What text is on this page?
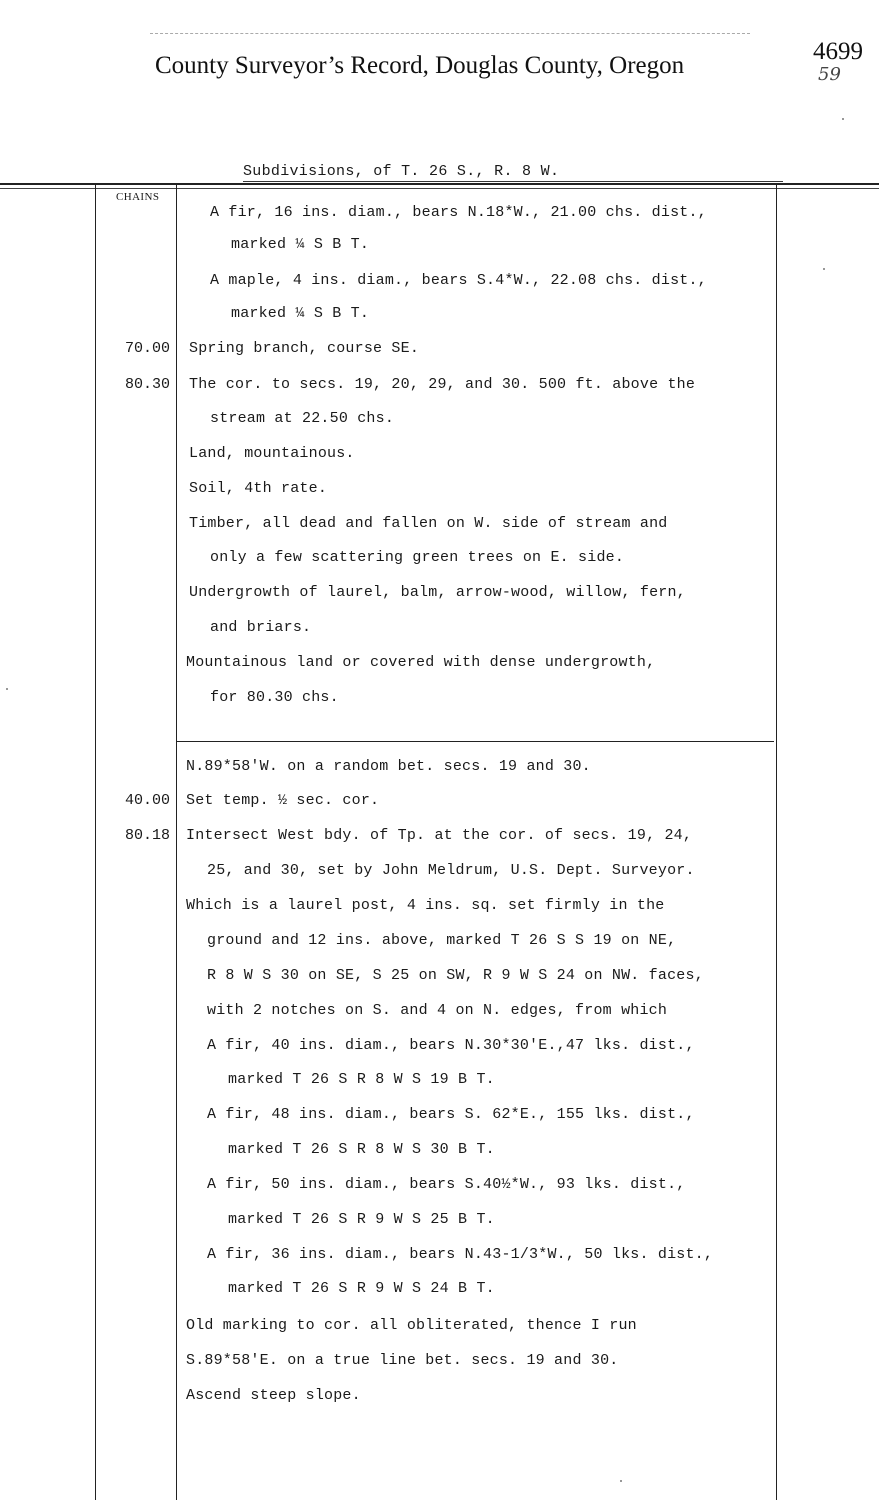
County Surveyor’s Record, Douglas County, Oregon
4699
59
Subdivisions, of T. 26 S., R. 8 W.
CHAINS
70.00
80.30
40.00
80.18
A fir, 16 ins. diam., bears N.18*W., 21.00 chs. dist.,
marked ¼ S B T.
A maple, 4 ins. diam., bears S.4*W., 22.08 chs. dist.,
marked ¼ S B T.
Spring branch, course SE.
The cor. to secs. 19, 20, 29, and 30. 500 ft. above the
stream at 22.50 chs.
Land, mountainous.
Soil, 4th rate.
Timber, all dead and fallen on W. side of stream and
only a few scattering green trees on E. side.
Undergrowth of laurel, balm, arrow-wood, willow, fern,
and briars.
Mountainous land or covered with dense undergrowth,
for 80.30 chs.
N.89*58'W. on a random bet. secs. 19 and 30.
Set temp. ½ sec. cor.
Intersect West bdy. of Tp. at the cor. of secs. 19, 24,
25, and 30, set by John Meldrum, U.S. Dept. Surveyor.
Which is a laurel post, 4 ins. sq. set firmly in the
ground and 12 ins. above, marked T 26 S S 19 on NE,
R 8 W S 30 on SE, S 25 on SW, R 9 W S 24 on NW. faces,
with 2 notches on S. and 4 on N. edges, from which
A fir, 40 ins. diam., bears N.30*30'E.,47 lks. dist.,
marked T 26 S R 8 W S 19 B T.
A fir, 48 ins. diam., bears S. 62*E., 155 lks. dist.,
marked T 26 S R 8 W S 30 B T.
A fir, 50 ins. diam., bears S.40½*W., 93 lks. dist.,
marked T 26 S R 9 W S 25 B T.
A fir, 36 ins. diam., bears N.43-1/3*W., 50 lks. dist.,
marked T 26 S R 9 W S 24 B T.
Old marking to cor. all obliterated, thence I run
S.89*58'E. on a true line bet. secs. 19 and 30.
Ascend steep slope.
